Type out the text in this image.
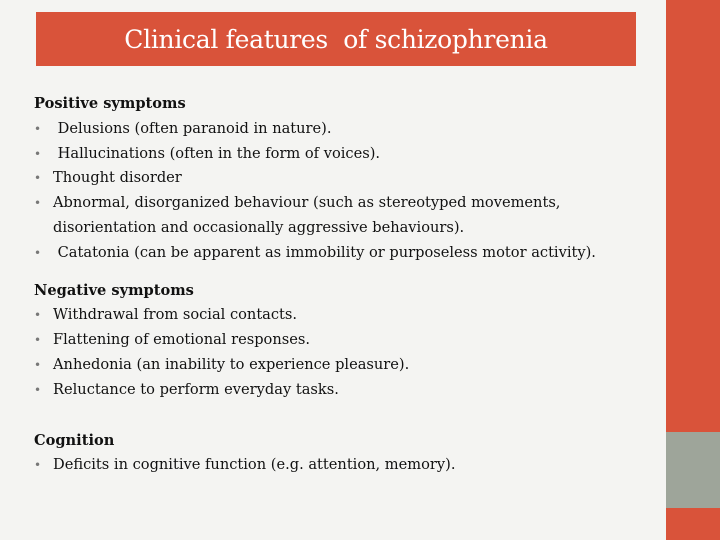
Clinical features  of schizophrenia
Positive symptoms
• Delusions (often paranoid in nature).
• Hallucinations (often in the form of voices).
• Thought disorder
• Abnormal, disorganized behaviour (such as stereotyped movements, disorientation and occasionally aggressive behaviours).
• Catatonia (can be apparent as immobility or purposeless motor activity).
Negative symptoms
• Withdrawal from social contacts.
• Flattening of emotional responses.
• Anhedonia (an inability to experience pleasure).
• Reluctance to perform everyday tasks.
Cognition
• Deficits in cognitive function (e.g. attention, memory).
